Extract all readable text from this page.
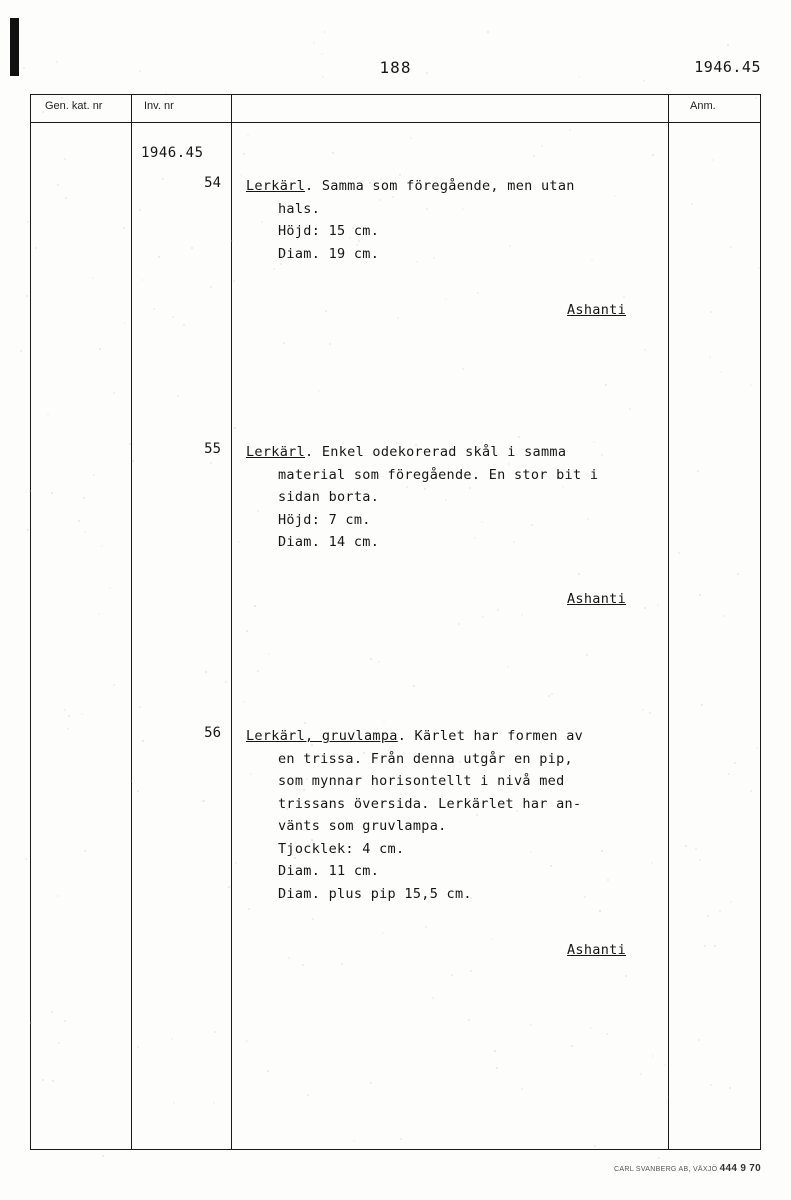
188	1946.45
Gen. kat. nr	Inv. nr	Anm.
1946.45
54 Lerkärl. Samma som föregående, men utan
hals.
Höjd: 15 cm.
Diam. 19 cm.
Ashanti
55 Lerkärl. Enkel odekorerad skål i samma
material som föregående. En stor bit i
sidan borta.
Höjd: 7 cm.
Diam. 14 cm.
Ashanti
56 Lerkärl, gruvlampa. Kärlet har formen av
en trissa. Från denna utgår en pip,
som mynnar horisontellt i nivå med
trissans översida. Lerkärlet har an-
vänts som gruvlampa.
Tjocklek: 4 cm.
Diam. 11 cm.
Diam. plus pip 15,5 cm.
Ashanti
CARL SVANBERG AB, VÄXJÖ 444 9 70
